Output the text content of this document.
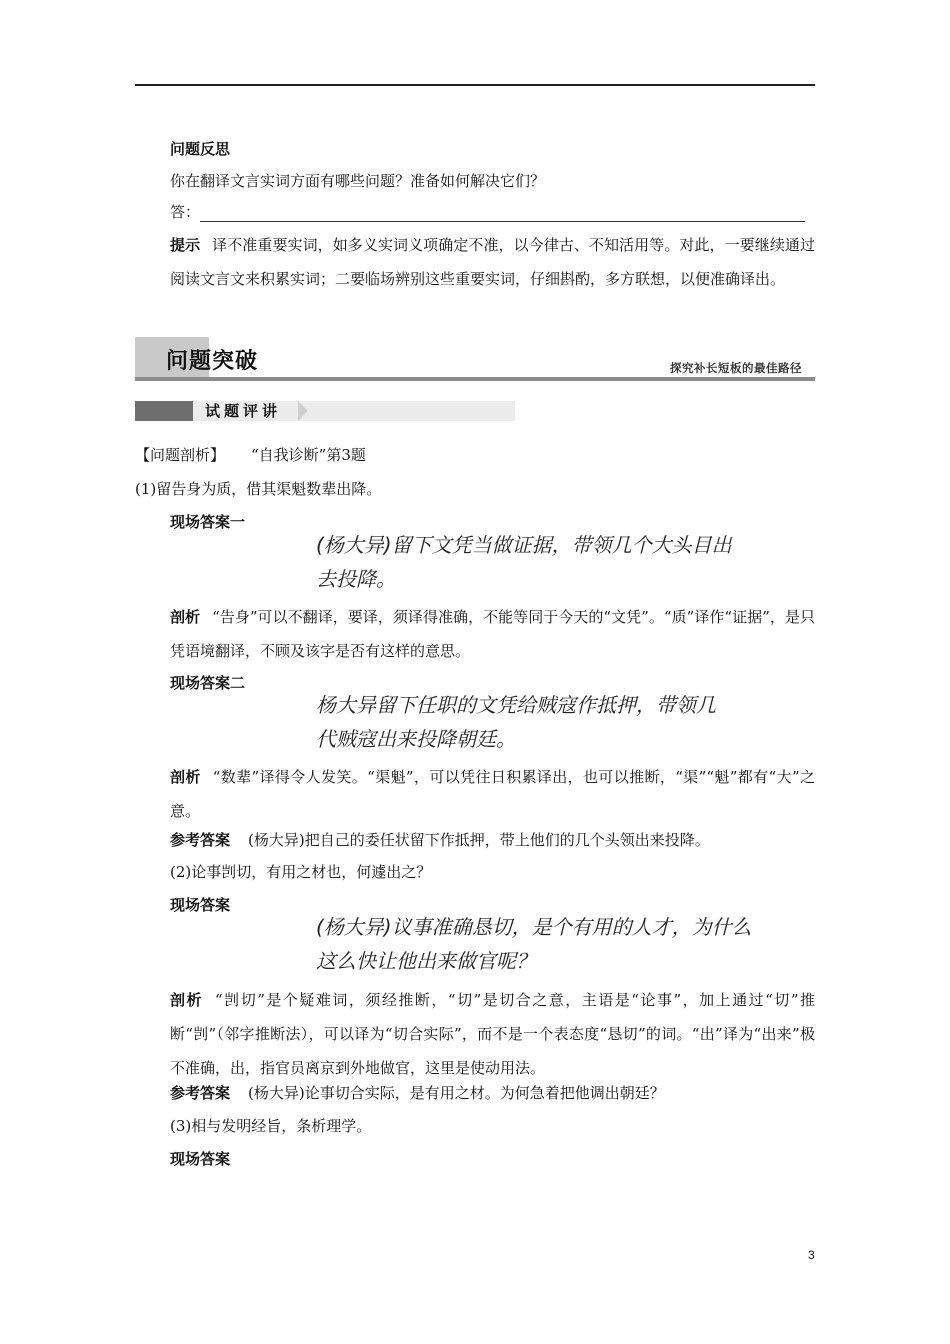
问题反思
你在翻译文言实词方面有哪些问题？准备如何解决它们？
答：
提示 译不准重要实词，如多义实词义项确定不准，以今律古、不知活用等。对此，一要继续通过阅读文言文来积累实词；二要临场辨别这些重要实词，仔细斟酌，多方联想，以便准确译出。
问题突破	探究补长短板的最佳路径
试题评讲
【问题剖析】 “自我诊断”第3题
(1)留告身为质，借其渠魁数辈出降。
现场答案一
(杨大异)留下文凭当做证据，带领几个大头目出
去投降。
剖析 “告身”可以不翻译，要译，须译得准确，不能等同于今天的“文凭”。“质”译作“证据”，是只凭语境翻译，不顾及该字是否有这样的意思。
现场答案二
杨大异留下任职的文凭给贼寇作抵押，带领几
代贼寇出来投降朝廷。
剖析 “数辈”译得令人发笑。“渠魁”，可以凭往日积累译出，也可以推断，“渠”“魁”都有“大”之意。
参考答案 (杨大异)把自己的委任状留下作抵押，带上他们的几个头领出来投降。
(2)论事剀切，有用之材也，何遽出之？
现场答案
(杨大异)议事准确恳切，是个有用的人才，为什么
这么快让他出来做官呢？
剖析 “剀切”是个疑难词，须经推断，“切”是切合之意，主语是“论事”，加上通过“切”推断“剀”（邻字推断法），可以译为“切合实际”，而不是一个表态度“恳切”的词。“出”译为“出来”极不准确，出，指官员离京到外地做官，这里是使动用法。
参考答案 (杨大异)论事切合实际，是有用之材。为何急着把他调出朝廷？
(3)相与发明经旨，条析理学。
现场答案
3
